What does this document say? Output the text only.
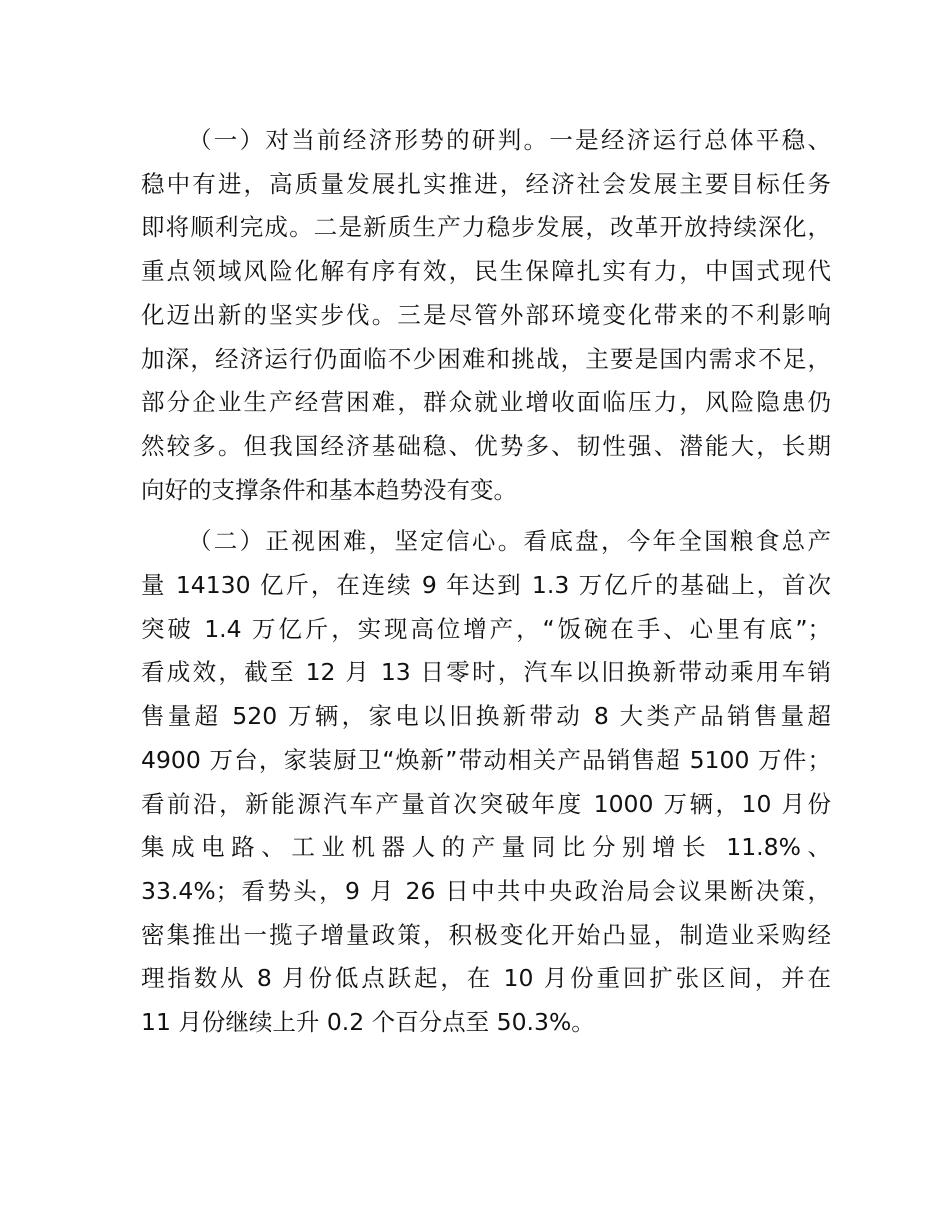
（一）对当前经济形势的研判。一是经济运行总体平稳、
稳中有进，高质量发展扎实推进，经济社会发展主要目标任务
即将顺利完成。二是新质生产力稳步发展，改革开放持续深化，
重点领域风险化解有序有效，民生保障扎实有力，中国式现代
化迈出新的坚实步伐。三是尽管外部环境变化带来的不利影响
加深，经济运行仍面临不少困难和挑战，主要是国内需求不足，
部分企业生产经营困难，群众就业增收面临压力，风险隐患仍
然较多。但我国经济基础稳、优势多、韧性强、潜能大，长期
向好的支撑条件和基本趋势没有变。
（二）正视困难，坚定信心。看底盘，今年全国粮食总产
量 14130 亿斤，在连续 9 年达到 1.3 万亿斤的基础上，首次
突破 1.4 万亿斤，实现高位增产，“饭碗在手、心里有底”；
看成效，截至 12 月 13 日零时，汽车以旧换新带动乘用车销
售量超 520 万辆，家电以旧换新带动 8 大类产品销售量超
4900 万台，家装厨卫“焕新”带动相关产品销售超 5100 万件；
看前沿，新能源汽车产量首次突破年度 1000 万辆，10 月份
集成电路、工业机器人的产量同比分别增长 11.8%、
33.4%；看势头，9 月 26 日中共中央政治局会议果断决策，
密集推出一揽子增量政策，积极变化开始凸显，制造业采购经
理指数从 8 月份低点跃起，在 10 月份重回扩张区间，并在
11 月份继续上升 0.2 个百分点至 50.3%。
